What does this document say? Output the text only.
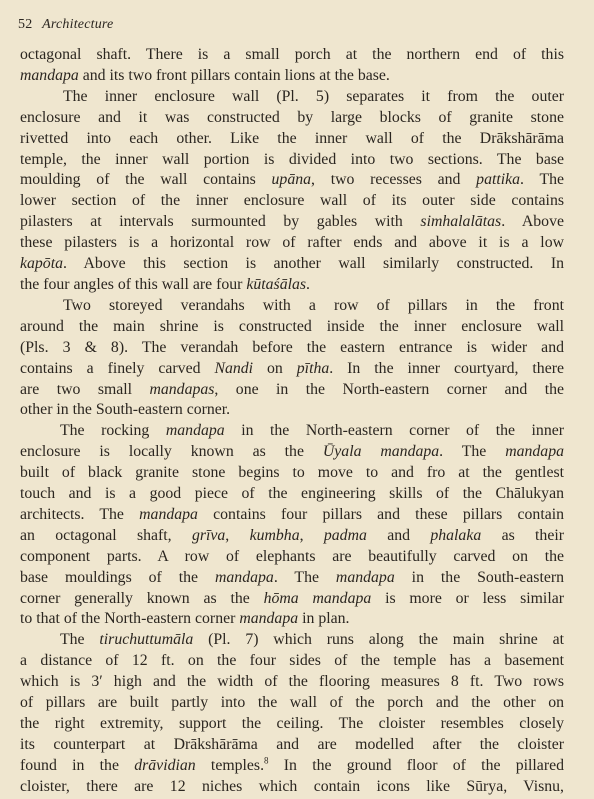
52 Architecture
octagonal shaft. There is a small porch at the northern end of this
mandapa and its two front pillars contain lions at the base.
The inner enclosure wall (Pl. 5) separates it from the outer
enclosure and it was constructed by large blocks of granite stone
rivetted into each other. Like the inner wall of the Drākshārāma
temple, the inner wall portion is divided into two sections. The base
moulding of the wall contains upāna, two recesses and pattika. The
lower section of the inner enclosure wall of its outer side contains
pilasters at intervals surmounted by gables with simhalalātas. Above
these pilasters is a horizontal row of rafter ends and above it is a low
kapōta. Above this section is another wall similarly constructed. In
the four angles of this wall are four kūtaśālas.
Two storeyed verandahs with a row of pillars in the front
around the main shrine is constructed inside the inner enclosure wall
(Pls. 3 & 8). The verandah before the eastern entrance is wider and
contains a finely carved Nandi on pītha. In the inner courtyard, there
are two small mandapas, one in the North-eastern corner and the
other in the South-eastern corner.
The rocking mandapa in the North-eastern corner of the inner
enclosure is locally known as the Ūyala mandapa. The mandapa
built of black granite stone begins to move to and fro at the gentlest
touch and is a good piece of the engineering skills of the Chālukyan
architects. The mandapa contains four pillars and these pillars contain
an octagonal shaft, grīva, kumbha, padma and phalaka as their
component parts. A row of elephants are beautifully carved on the
base mouldings of the mandapa. The mandapa in the South-eastern
corner generally known as the hōma mandapa is more or less similar
to that of the North-eastern corner mandapa in plan.
The tiruchuttumāla (Pl. 7) which runs along the main shrine at
a distance of 12 ft. on the four sides of the temple has a basement
which is 3′ high and the width of the flooring measures 8 ft. Two rows
of pillars are built partly into the wall of the porch and the other on
the right extremity, support the ceiling. The cloister resembles closely
its counterpart at Drākshārāma and are modelled after the cloister
found in the drāvidian temples.$^8$ In the ground floor of the pillared
cloister, there are 12 niches which contain icons like Sūrya, Visnu,
